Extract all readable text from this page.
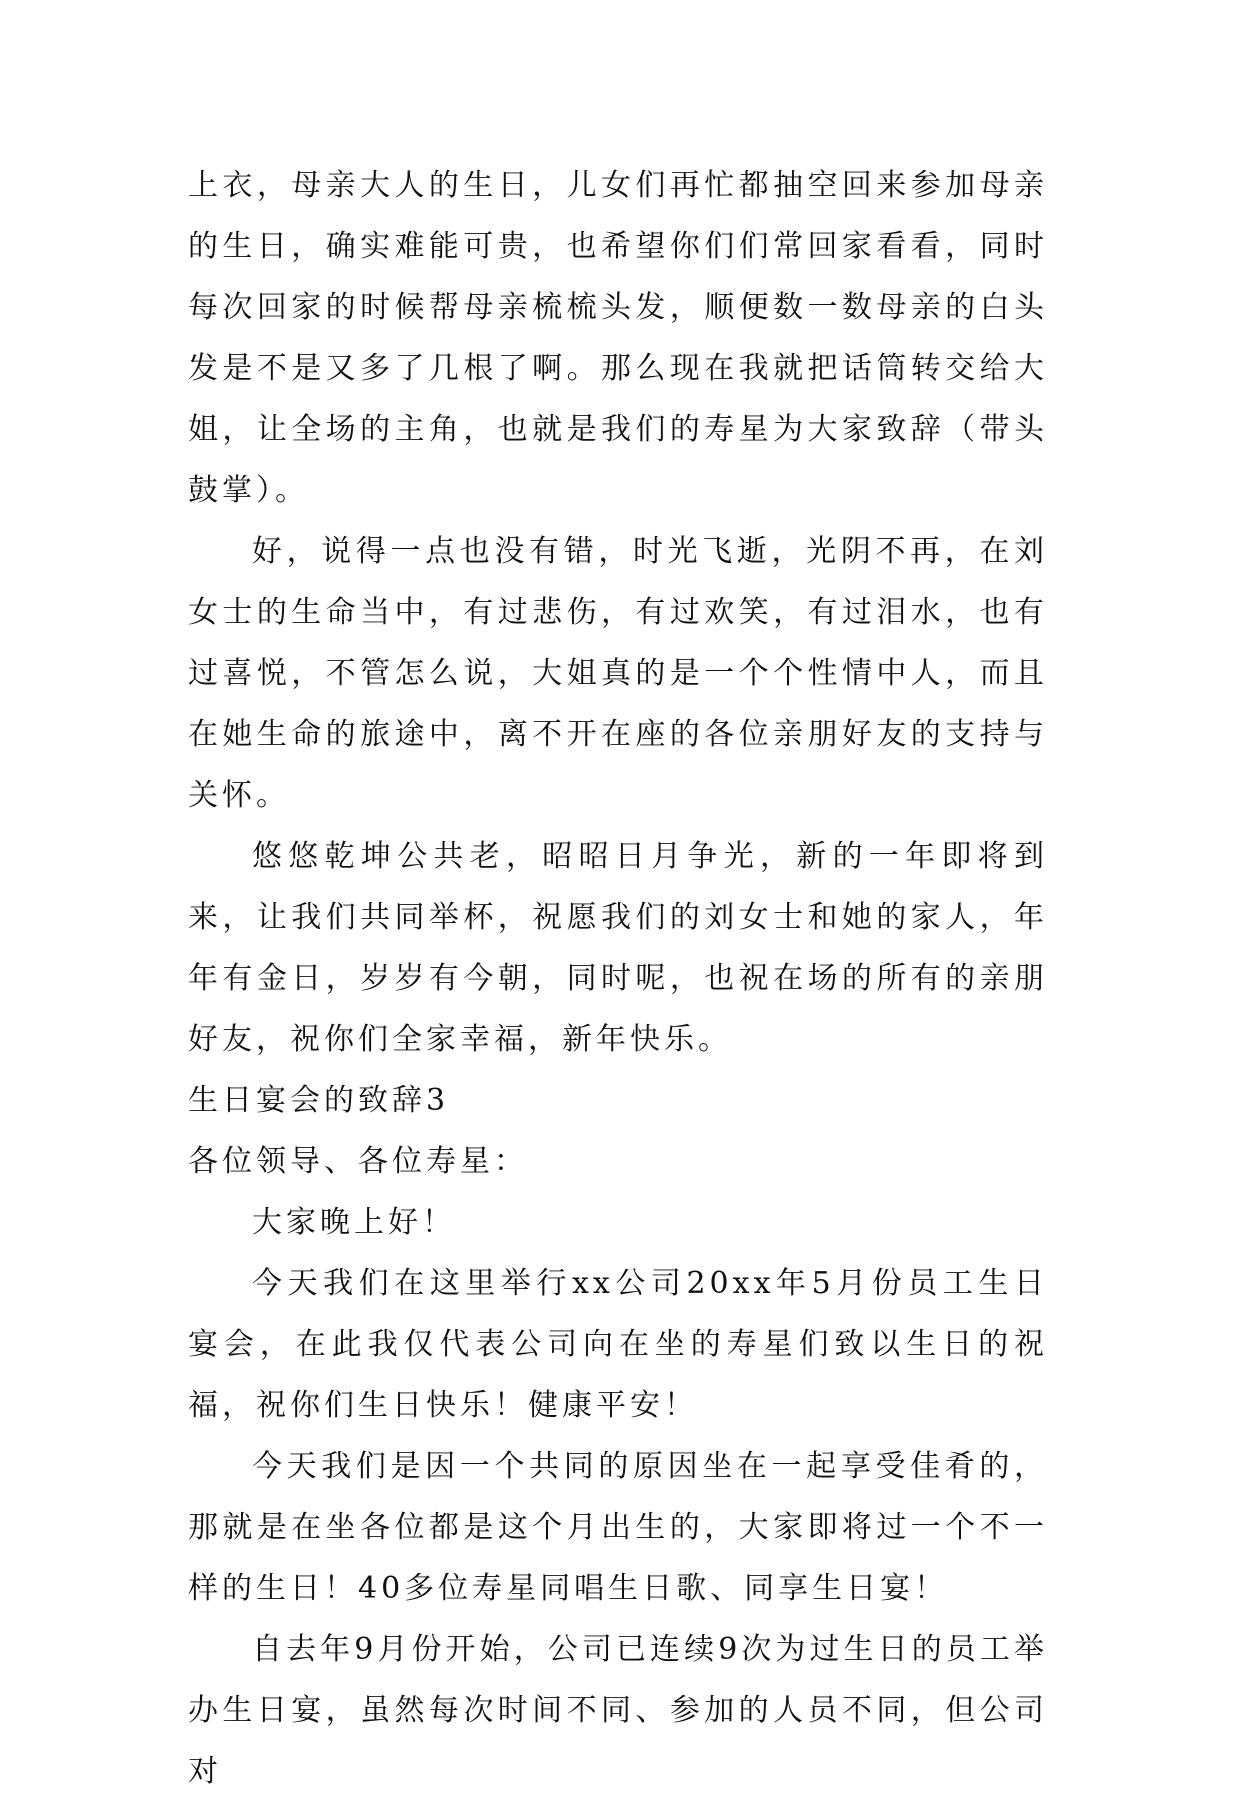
上衣，母亲大人的生日，儿女们再忙都抽空回来参加母亲的生日，确实难能可贵，也希望你们们常回家看看，同时每次回家的时候帮母亲梳梳头发，顺便数一数母亲的白头发是不是又多了几根了啊。那么现在我就把话筒转交给大姐，让全场的主角，也就是我们的寿星为大家致辞（带头鼓掌）。

好，说得一点也没有错，时光飞逝，光阴不再，在刘女士的生命当中，有过悲伤，有过欢笑，有过泪水，也有过喜悦，不管怎么说，大姐真的是一个个性情中人，而且在她生命的旅途中，离不开在座的各位亲朋好友的支持与关怀。

悠悠乾坤公共老，昭昭日月争光，新的一年即将到来，让我们共同举杯，祝愿我们的刘女士和她的家人，年年有金日，岁岁有今朝，同时呢，也祝在场的所有的亲朋好友，祝你们全家幸福，新年快乐。

生日宴会的致辞3

各位领导、各位寿星：

大家晚上好！

今天我们在这里举行xx公司20xx年5月份员工生日宴会，在此我仅代表公司向在坐的寿星们致以生日的祝福，祝你们生日快乐！健康平安！

今天我们是因一个共同的原因坐在一起享受佳肴的，那就是在坐各位都是这个月出生的，大家即将过一个不一样的生日！40多位寿星同唱生日歌、同享生日宴！

自去年9月份开始，公司已连续9次为过生日的员工举办生日宴，虽然每次时间不同、参加的人员不同，但公司对
